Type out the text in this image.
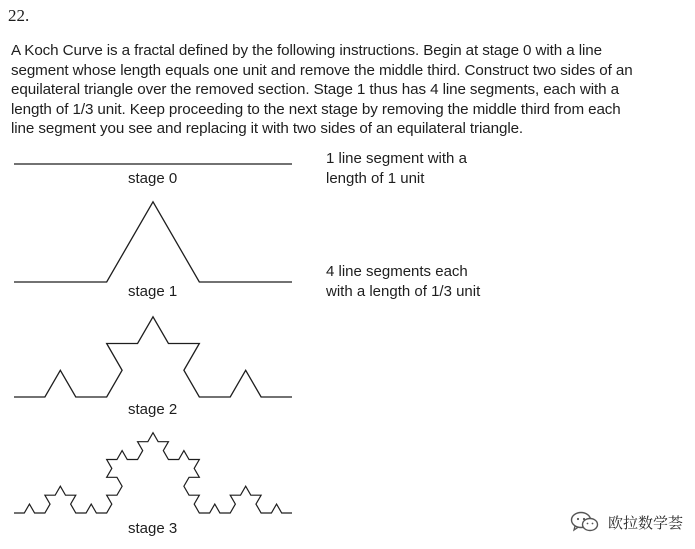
22.
A Koch Curve is a fractal defined by the following instructions. Begin at stage 0 with a line
segment whose length equals one unit and remove the middle third. Construct two sides of an
equilateral triangle over the removed section. Stage 1 thus has 4 line segments, each with a
length of 1/3 unit. Keep proceeding to the next stage by removing the middle third from each
line segment you see and replacing it with two sides of an equilateral triangle.
stage 0
stage 1
stage 2
stage 3
1 line segment with a
length of 1 unit
4 line segments each
with a length of 1/3 unit
欧拉数学荟
